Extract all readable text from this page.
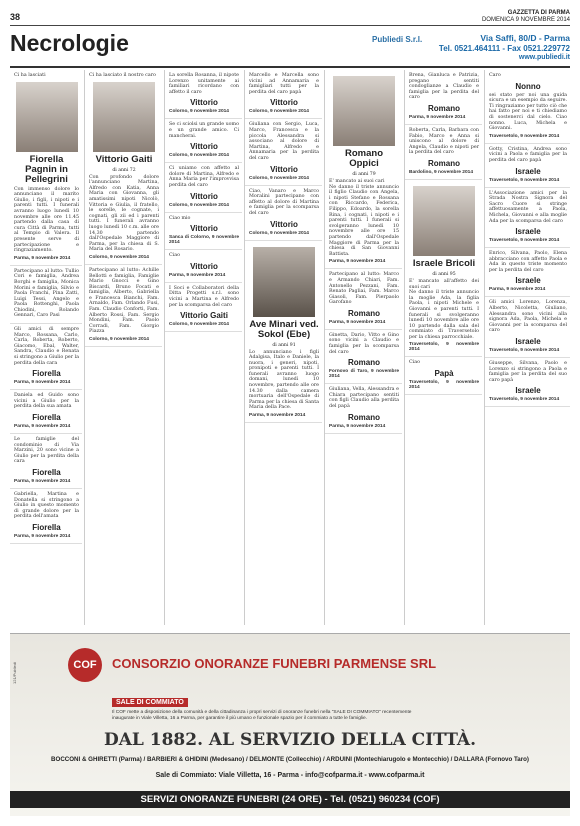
38	GAZZETTA DI PARMA
DOMENICA 9 NOVEMBRE 2014
Necrologie	Publiedi S.r.l.	Via Saffi, 80/D - Parma
Tel. 0521.464111 - Fax 0521.229772
www.publiedi.it
Ci ha lasciati
Fiorella Pagnin in Pellegrini
Con immenso dolore lo annunciano il marito Giulio, i figli, i nipoti e i parenti tutti. I funerali avranno luogo lunedì 10 novembre alle ore 11.45 partendo dalla casa di cura Città di Parma, tutti al Tempio di Valera. Il presente serve di partecipazione e ringraziamento.
Parma, 9 novembre 2014
Partecipano al lutto: Tullio Cori e famiglia, Andrea Borghi e famiglia, Monica Morini e famiglia, Silvio e Paola Franchi, Pina Zatti, Luigi Tessi, Angelo e Paola Rottenghi, Paola Chiodini, Rolando Gennari, Caro Pasi
Gli amici di sempre Marco, Rossana, Carlo, Carla, Roberta, Roberto, Giacomo, Ebal, Walter, Sandra, Claudio e Renata si stringono a Giulio per la perdita della cara
Fiorella
Parma, 9 novembre 2014
Daniela ed Guido sono vicini a Giulio per la perdita della sua amata
Fiorella
Parma, 9 novembre 2014
Le famiglie del condominio di Via Marzini, 20 sono vicine a Giulio per la perdita della cara
Fiorella
Parma, 9 novembre 2014
Gabriella, Martina e Donatella si stringono a Giulio in questo momento di grande dolore per la perdita dell'amata
Fiorella
Parma, 9 novembre 2014
Ci ha lasciato il nostro caro
Vittorio Gaiti
di anni 72
Con profondo dolore l'annunciano Martina, Alfredo con Katia, Anna Maria con Giovanna, gli amatissimi nipoti Nicolò, Vittoria e Giulia, il fratello, le sorelle, le cognate, i cognati, gli zii ed i parenti tutti. I funerali avranno luogo lunedì 10 c.m. alle ore 14,30 partendo dall'Ospedale Maggiore di Parma, per la chiesa di S. Maria del Rosario.
Colorno, 9 novembre 2014
Partecipano al lutto: Achille Bellotti e famiglia, Famiglie Mario Gnocci e Gino Biscardi, Bruno Focati e famiglia, Alberto, Gabriella e Francesca Bianchi, Fam. Arnaldo, Fam. Orlando Fusi, Fam. Claudio Conforti, Fam. Alberto Rossi, Fam. Sergio Mondini, Fam. Paolo Corradi, Fam. Giorgio Piazza
Colorno, 9 novembre 2014
La sorella Rosanna, il nipote Lorenzo unitamente ai familiari ricordano con affetto il caro
Vittorio
Colorno, 9 novembre 2014
Se ci sciolsi un grande uomo e un grande amico. Ci mancherai.
Vittorio
Colorno, 9 novembre 2014
Ci uniamo con affetto al dolore di Martina, Alfredo e Anna Maria per l'improvvisa perdita del caro
Vittorio
Colorno, 9 novembre 2014
Ciao mio
Vittorio
Sanca di Colorno, 9 novembre 2014
Ciao
Vittorio
Parma, 9 novembre 2014
I Soci e Collaboratori della Ditta Progetti s.r.l. sono vicini a Martina e Alfredo per la scomparsa del caro
Vittorio Gaiti
Colorno, 9 novembre 2014
Marcello e Marcella sono vicini ad Annamaria e famigliari tutti per la perdita del caro papà
Vittorio
Colorno, 9 novembre 2014
Giuliana con Sergio, Luca, Marco, Francesca e la piccola Alessandra si associano al dolore di Martina, Alfredo e Annamaria per la perdita del caro
Vittorio
Colorno, 9 novembre 2014
Ciao, Vanaro e Marco Moralini partecipano con affetto al dolore di Martina e famiglia per la scomparsa del caro
Vittorio
Colorno, 9 novembre 2014
Ave Minari ved. Sokol (Ebe)
di anni 91
Lo annunciano i figli Adalgisa, Italo e Daniele, la nuora, i generi, nipoti, pronipoti e parenti tutti. I funerali avranno luogo domani, lunedì 10 novembre, partendo alle ore 14.30 dalla camera mortuaria dell'Ospedale di Parma per la chiesa di Santa Maria della Pace.
Parma, 9 novembre 2014
Romano Oppici
di anni 79
E' mancato ai suoi cari
Ne danno il triste annuncio il figlio Claudio con Angela, i nipoti Stefano e Rossana con Riccardo, Federica, Filippo, Edoardo, la sorella Rina, i cognati, i nipoti e i parenti tutti. I funerali si svolgeranno lunedì 10 novembre alle ore 15 partendo dall'Ospedale Maggiore di Parma per la chiesa di San Giovanni Battista.
Parma, 9 novembre 2014
Partecipano al lutto: Marco e Armando Chiari, Fam. Antonello Pezzani, Fam. Renato Pagliai, Fam. Marco Giasoli, Fam. Pierpaolo Garofano
Romano
Parma, 9 novembre 2014
Ginetta, Dario, Vitto e Gino sono vicini a Claudio e famiglia per la scomparsa del caro
Romano
Fornovo di Taro, 9 novembre 2014
Giuliana, Vella, Alessandra e Chiara partecipano sentiti con figli Claudio alla perdita del papà
Romano
Parma, 9 novembre 2014
Brena, Gianluca e Patrizia, pregano sentiti condoglianze a Claudio e famiglia per la perdita del caro
Romano
Parma, 9 novembre 2014
Roberta, Carla, Barbara con Fabio, Marco e Anna si uniscono al dolore di Angela, Claudio e nipoti per la perdita del caro
Romano
Bardolino, 9 novembre 2014
Israele Bricoli
di anni 95
E' mancato all'affetto dei suoi cari
Ne danno il triste annuncio la moglie Ada, la figlia Paola, i nipoti Michele e Giovanni e parenti tutti. I funerali si svolgeranno lunedì 10 novembre alle ore 10 partendo dalla sala del commiato di Traversetolo per la chiesa parrocchiale.
Traversetolo, 9 novembre 2014
Ciao
Papà
Traversetolo, 9 novembre 2014
Caro
Nonno
sei stato per noi una guida sicura e un esempio da seguire. Ti ringraziamo per tutto ciò che hai fatto per noi e ti chiediamo di sostenerci dal cielo. Ciao nonno. Luca, Michela e Giovanni.
Traversetolo, 9 novembre 2014
Gotty, Cristina, Andrea sono vicini a Paola e famiglia per la perdita del caro papà
Israele
Traversetolo, 9 novembre 2014
L'Associazione amici per la Strada Nostra Signora del Sacro Cuore si stringe affettuosamente a Paola, Michela, Giovanni e alla moglie Ada per la scomparsa del caro
Israele
Traversetolo, 9 novembre 2014
Enrico, Silvana, Paolo, Elena abbracciano con affetto Paola e Ada in questo triste momento per la perdita del caro
Israele
Parma, 9 novembre 2014
Gli amici Lorenzo, Lorenza, Alberto, Nicoletta, Giuliano, Alessandra sono vicini alla signora Ada, Paola, Michela e Giovanni per la scomparsa del caro
Israele
Traversetolo, 9 novembre 2014
Giuseppe, Silvana, Paolo e Lorenzo si stringono a Paola e famiglia per la perdita del suo caro papà
Israele
Traversetolo, 9 novembre 2014
121/Publiedi	COF	CONSORZIO ONORANZE FUNEBRI PARMENSE SRL
SALE DI COMMIATO
Il COF mette a disposizione della comunità e della cittadinanza i propri servizi di onoranze funebri nella "SALE DI COMMIATO" recentemente inaugurate in Viale Villetta, 16 a Parma, per garantire il più umano e funzionale spazio per il commiato a tutte le famiglie.
DAL 1882. AL SERVIZIO DELLA CITTÀ.
BOCCONI & GHIRETTI (Parma) / BARBIERI & GHIDINI (Medesano) / DELMONTE (Collecchio) / ARDUINI (Montechiarugolo e Montecchio) / DALLARA (Fornovo Taro)
Sale di Commiato: Viale Villetta, 16 - Parma - info@cofparma.it - www.cofparma.it
SERVIZI ONORANZE FUNEBRI (24 ORE) - Tel. (0521) 960234 (COF)
